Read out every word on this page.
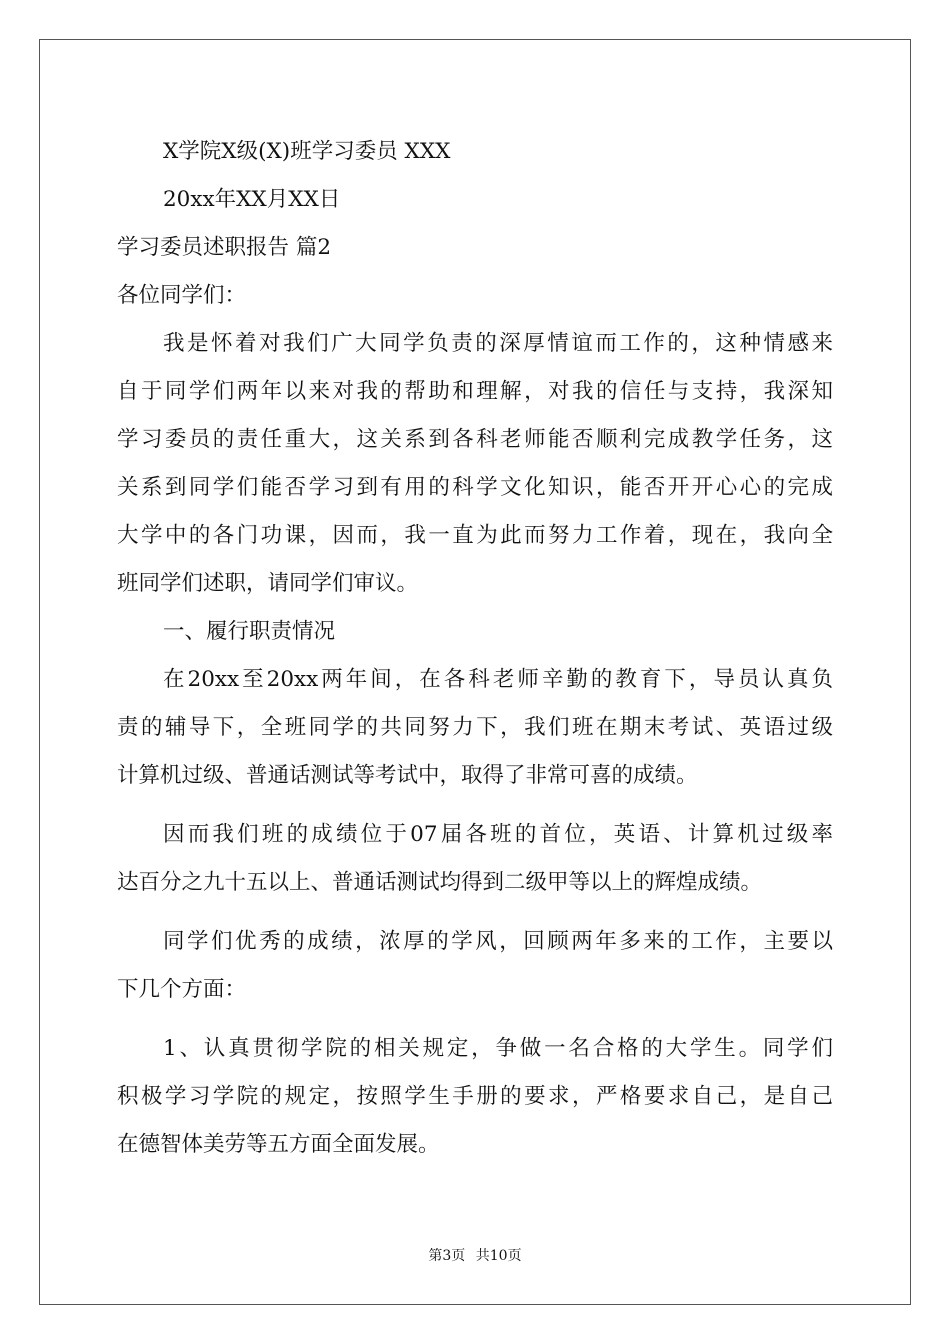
X学院X级(X)班学习委员 XXX

20xx年XX月XX日

学习委员述职报告 篇2

各位同学们：

我是怀着对我们广大同学负责的深厚情谊而工作的，这种情感来
自于同学们两年以来对我的帮助和理解，对我的信任与支持，我深知
学习委员的责任重大，这关系到各科老师能否顺利完成教学任务，这
关系到同学们能否学习到有用的科学文化知识，能否开开心心的完成
大学中的各门功课，因而，我一直为此而努力工作着，现在，我向全
班同学们述职，请同学们审议。

一、履行职责情况

在20xx至20xx两年间，在各科老师辛勤的教育下，导员认真负
责的辅导下，全班同学的共同努力下，我们班在期末考试、英语过级
计算机过级、普通话测试等考试中，取得了非常可喜的成绩。
因而我们班的成绩位于07届各班的首位，英语、计算机过级率
达百分之九十五以上、普通话测试均得到二级甲等以上的辉煌成绩。
同学们优秀的成绩，浓厚的学风，回顾两年多来的工作，主要以
下几个方面：
1、认真贯彻学院的相关规定，争做一名合格的大学生。同学们
积极学习学院的规定，按照学生手册的要求，严格要求自己，是自己
在德智体美劳等五方面全面发展。
第3页 共10页
